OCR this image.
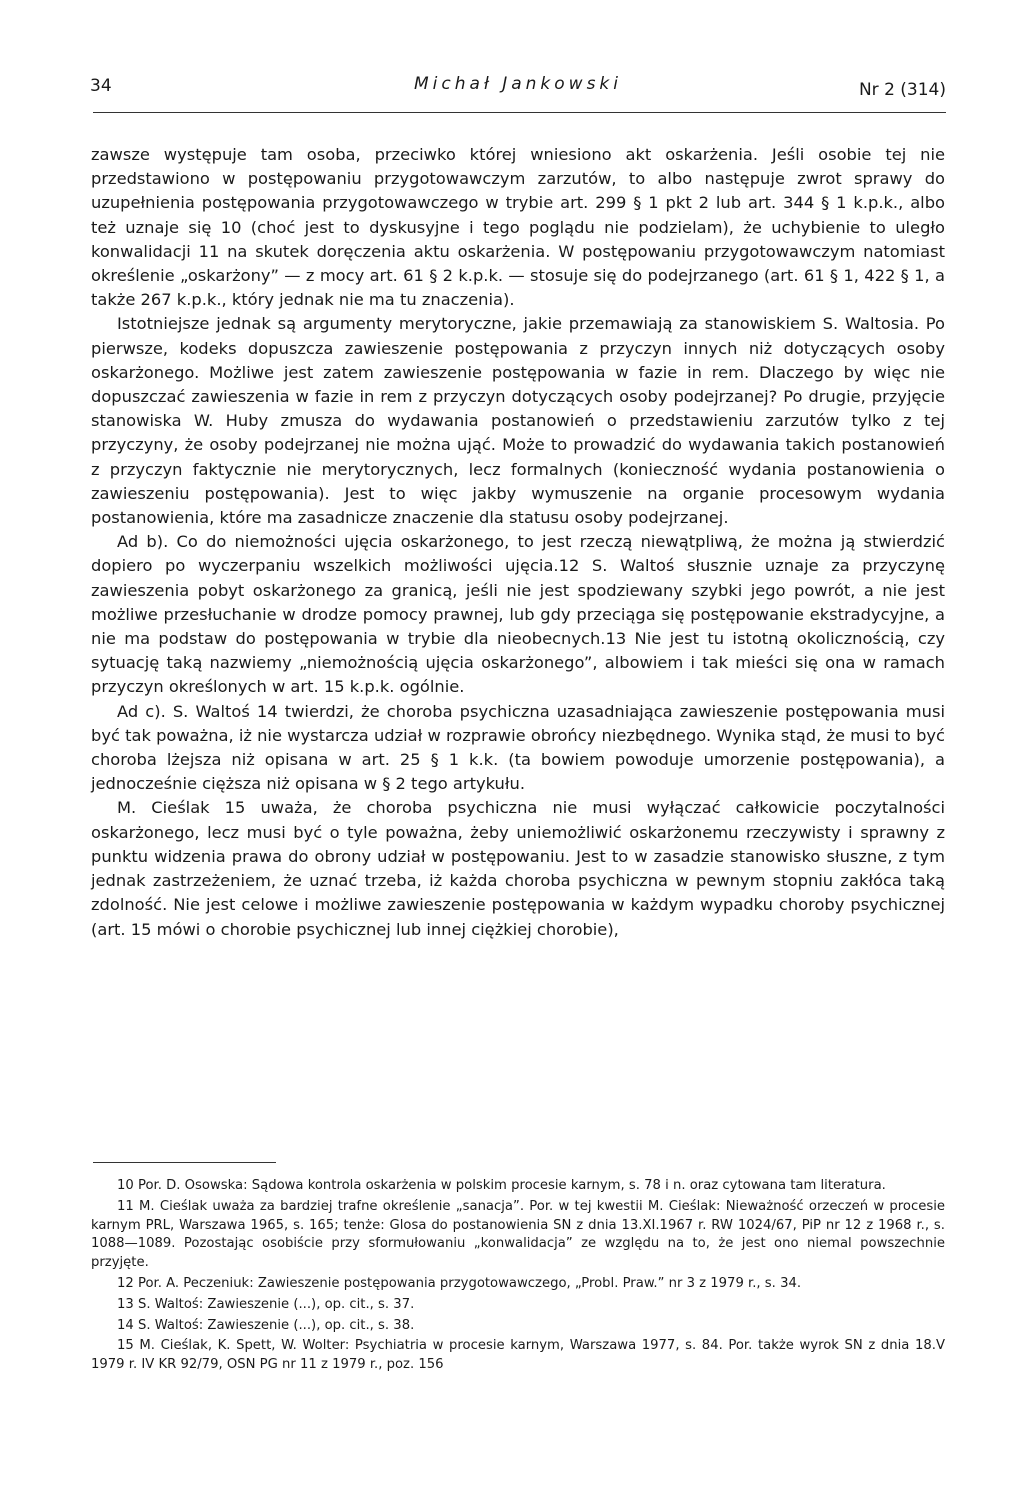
34	Michał Jankowski	Nr 2 (314)

zawsze występuje tam osoba, przeciwko której wniesiono akt oskarżenia. Jeśli osobie tej nie przedstawiono w postępowaniu przygotowawczym zarzutów, to albo następuje zwrot sprawy do uzupełnienia postępowania przygotowawczego w trybie art. 299 § 1 pkt 2 lub art. 344 § 1 k.p.k., albo też uznaje się 10 (choć jest to dyskusyjne i tego poglądu nie podzielam), że uchybienie to uległo konwalidacji 11 na skutek doręczenia aktu oskarżenia. W postępowaniu przygotowawczym natomiast określenie „oskarżony” — z mocy art. 61 § 2 k.p.k. — stosuje się do podejrzanego (art. 61 § 1, 422 § 1, a także 267 k.p.k., który jednak nie ma tu znaczenia).

Istotniejsze jednak są argumenty merytoryczne, jakie przemawiają za stanowiskiem S. Waltosia. Po pierwsze, kodeks dopuszcza zawieszenie postępowania z przyczyn innych niż dotyczących osoby oskarżonego. Możliwe jest zatem zawieszenie postępowania w fazie in rem. Dlaczego by więc nie dopuszczać zawieszenia w fazie in rem z przyczyn dotyczących osoby podejrzanej? Po drugie, przyjęcie stanowiska W. Huby zmusza do wydawania postanowień o przedstawieniu zarzutów tylko z tej przyczyny, że osoby podejrzanej nie można ująć. Może to prowadzić do wydawania takich postanowień z przyczyn faktycznie nie merytorycznych, lecz formalnych (konieczność wydania postanowienia o zawieszeniu postępowania). Jest to więc jakby wymuszenie na organie procesowym wydania postanowienia, które ma zasadnicze znaczenie dla statusu osoby podejrzanej.

Ad b). Co do niemożności ujęcia oskarżonego, to jest rzeczą niewątpliwą, że można ją stwierdzić dopiero po wyczerpaniu wszelkich możliwości ujęcia.12 S. Waltoś słusznie uznaje za przyczynę zawieszenia pobyt oskarżonego za granicą, jeśli nie jest spodziewany szybki jego powrót, a nie jest możliwe przesłuchanie w drodze pomocy prawnej, lub gdy przeciąga się postępowanie ekstradycyjne, a nie ma podstaw do postępowania w trybie dla nieobecnych.13 Nie jest tu istotną okolicznością, czy sytuację taką nazwiemy „niemożnością ujęcia oskarżonego”, albowiem i tak mieści się ona w ramach przyczyn określonych w art. 15 k.p.k. ogólnie.

Ad c). S. Waltoś 14 twierdzi, że choroba psychiczna uzasadniająca zawieszenie postępowania musi być tak poważna, iż nie wystarcza udział w rozprawie obrońcy niezbędnego. Wynika stąd, że musi to być choroba lżejsza niż opisana w art. 25 § 1 k.k. (ta bowiem powoduje umorzenie postępowania), a jednocześnie cięższa niż opisana w § 2 tego artykułu.

M. Cieślak 15 uważa, że choroba psychiczna nie musi wyłączać całkowicie poczytalności oskarżonego, lecz musi być o tyle poważna, żeby uniemożliwić oskarżonemu rzeczywisty i sprawny z punktu widzenia prawa do obrony udział w postępowaniu. Jest to w zasadzie stanowisko słuszne, z tym jednak zastrzeżeniem, że uznać trzeba, iż każda choroba psychiczna w pewnym stopniu zakłóca taką zdolność. Nie jest celowe i możliwe zawieszenie postępowania w każdym wypadku choroby psychicznej (art. 15 mówi o chorobie psychicznej lub innej ciężkiej chorobie),

10 Por. D. Osowska: Sądowa kontrola oskarżenia w polskim procesie karnym, s. 78 i n. oraz cytowana tam literatura.

11 M. Cieślak uważa za bardziej trafne określenie „sanacja”. Por. w tej kwestii M. Cieślak: Nieważność orzeczeń w procesie karnym PRL, Warszawa 1965, s. 165; tenże: Glosa do postanowienia SN z dnia 13.XI.1967 r. RW 1024/67, PiP nr 12 z 1968 r., s. 1088—1089. Pozostając osobiście przy sformułowaniu „konwalidacja” ze względu na to, że jest ono niemal powszechnie przyjęte.

12 Por. A. Peczeniuk: Zawieszenie postępowania przygotowawczego, „Probl. Praw.” nr 3 z 1979 r., s. 34.

13 S. Waltoś: Zawieszenie (...), op. cit., s. 37.

14 S. Waltoś: Zawieszenie (...), op. cit., s. 38.

15 M. Cieślak, K. Spett, W. Wolter: Psychiatria w procesie karnym, Warszawa 1977, s. 84. Por. także wyrok SN z dnia 18.V 1979 r. IV KR 92/79, OSN PG nr 11 z 1979 r., poz. 156
